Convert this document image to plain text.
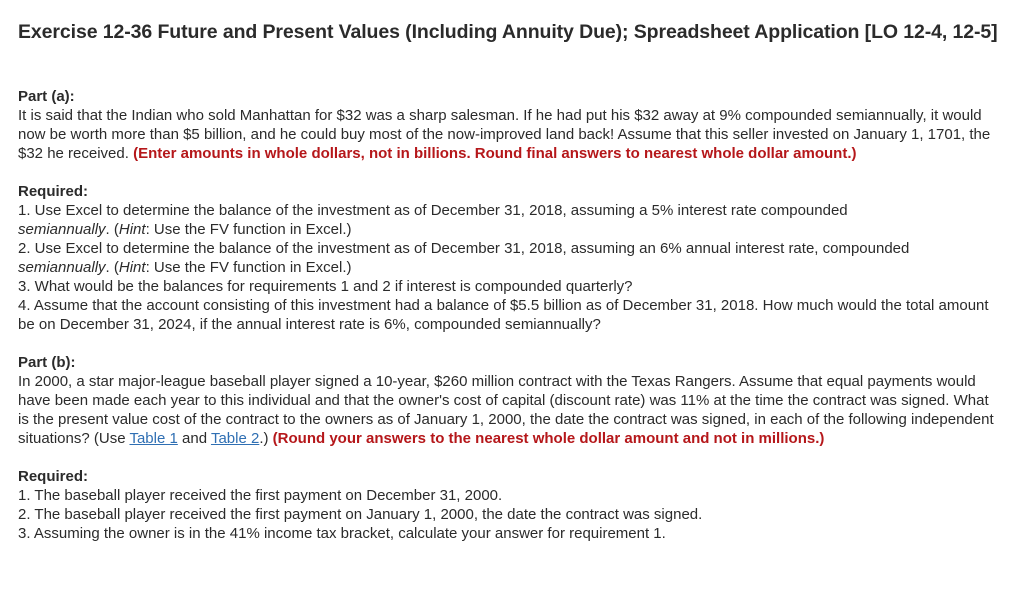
Exercise 12-36 Future and Present Values (Including Annuity Due); Spreadsheet Application [LO 12-4, 12-5]
Part (a):

It is said that the Indian who sold Manhattan for $32 was a sharp salesman. If he had put his $32 away at 9% compounded semiannually, it would now be worth more than $5 billion, and he could buy most of the now-improved land back! Assume that this seller invested on January 1, 1701, the $32 he received. (Enter amounts in whole dollars, not in billions. Round final answers to nearest whole dollar amount.)

Required:
1. Use Excel to determine the balance of the investment as of December 31, 2018, assuming a 5% interest rate compounded
semiannually. (Hint: Use the FV function in Excel.)
2. Use Excel to determine the balance of the investment as of December 31, 2018, assuming an 6% annual interest rate, compounded
semiannually. (Hint: Use the FV function in Excel.)
3. What would be the balances for requirements 1 and 2 if interest is compounded quarterly?
4. Assume that the account consisting of this investment had a balance of $5.5 billion as of December 31, 2018. How much would the total amount be on December 31, 2024, if the annual interest rate is 6%, compounded semiannually?
Part (b):

In 2000, a star major-league baseball player signed a 10-year, $260 million contract with the Texas Rangers. Assume that equal payments would have been made each year to this individual and that the owner's cost of capital (discount rate) was 11% at the time the contract was signed. What is the present value cost of the contract to the owners as of January 1, 2000, the date the contract was signed, in each of the following independent situations? (Use Table 1 and Table 2.) (Round your answers to the nearest whole dollar amount and not in millions.)

Required:
1. The baseball player received the first payment on December 31, 2000.
2. The baseball player received the first payment on January 1, 2000, the date the contract was signed.
3. Assuming the owner is in the 41% income tax bracket, calculate your answer for requirement 1.
